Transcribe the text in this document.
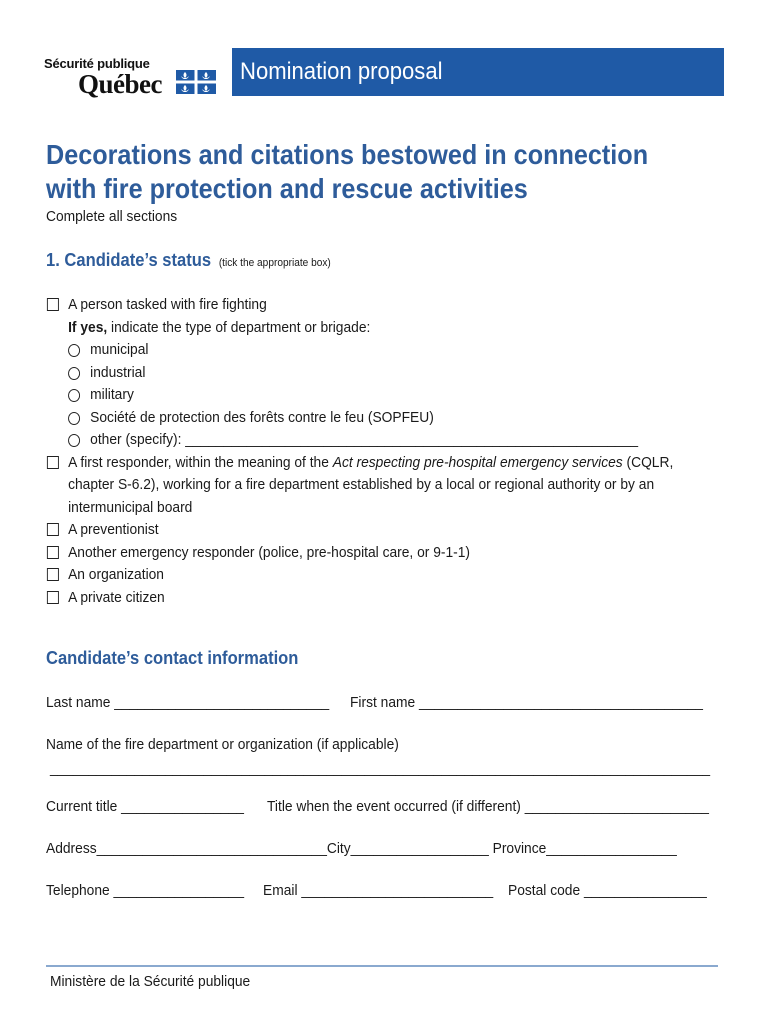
Sécurité publique
Québec	Nomination proposal
Decorations and citations bestowed in connection with fire protection and rescue activities
Complete all sections
1. Candidate’s status (tick the appropriate box)
A person tasked with fire fighting
If yes, indicate the type of department or brigade:
municipal
industrial
military
Société de protection des forêts contre le feu (SOPFEU)
other (specify): ___________________________________________________________
A first responder, within the meaning of the Act respecting pre-hospital emergency services (CQLR, chapter S-6.2), working for a fire department established by a local or regional authority or by an intermunicipal board
A preventionist
Another emergency responder (police, pre-hospital care, or 9-1-1)
An organization
A private citizen
Candidate’s contact information
Last name ____________________________ First name _____________________________________
Name of the fire department or organization (if applicable)
______________________________________________________________________________________
Current title ________________ Title when the event occurred (if different) ________________________
Address______________________________City__________________ Province_________________
Telephone _________________ Email _________________________ Postal code ________________
Ministère de la Sécurité publique
